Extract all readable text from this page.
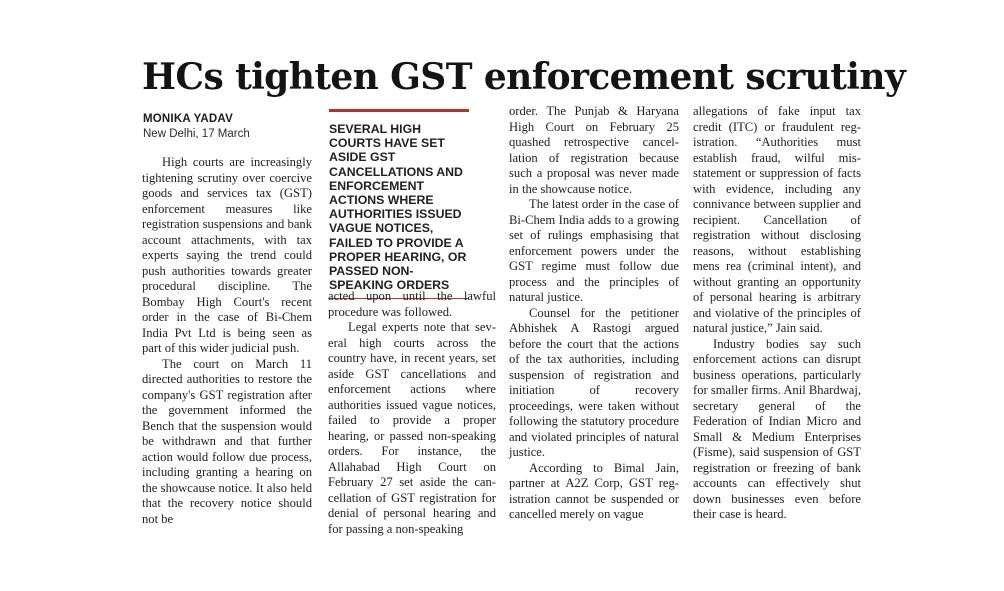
HCs tighten GST enforcement scrutiny
MONIKA YADAV
New Delhi, 17 March

High courts are increasingly tightening scrutiny over coercive goods and services tax (GST) enforcement measures like registration suspensions and bank account attachments, with tax experts saying the trend could push authorities towards greater procedural discipline. The Bombay High Court's recent order in the case of Bi-Chem India Pvt Ltd is being seen as part of this wider judicial push.

The court on March 11 directed authorities to restore the company's GST registration after the government informed the Bench that the suspension would be withdrawn and that further action would follow due process, including granting a hearing on the showcause notice. It also held that the recovery notice should not be

SEVERAL HIGH COURTS HAVE SET ASIDE GST CANCELLATIONS AND ENFORCEMENT ACTIONS WHERE AUTHORITIES ISSUED VAGUE NOTICES, FAILED TO PROVIDE A PROPER HEARING, OR PASSED NON-SPEAKING ORDERS

acted upon until the lawful procedure was followed.

Legal experts note that several high courts across the country have, in recent years, set aside GST cancellations and enforcement actions where authorities issued vague notices, failed to provide a proper hearing, or passed non-speaking orders. For instance, the Allahabad High Court on February 27 set aside the cancellation of GST registration for denial of personal hearing and for passing a non-speaking

order. The Punjab & Haryana High Court on February 25 quashed retrospective cancellation of registration because such a proposal was never made in the showcause notice.

The latest order in the case of Bi-Chem India adds to a growing set of rulings emphasising that enforcement powers under the GST regime must follow due process and the principles of natural justice.

Counsel for the petitioner Abhishek A Rastogi argued before the court that the actions of the tax authorities, including suspension of registration and initiation of recovery proceedings, were taken without following the statutory procedure and violated principles of natural justice.

According to Bimal Jain, partner at A2Z Corp, GST registration cannot be suspended or cancelled merely on vague

allegations of fake input tax credit (ITC) or fraudulent registration. “Authorities must establish fraud, wilful misstatement or suppression of facts with evidence, including any connivance between supplier and recipient. Cancellation of registration without disclosing reasons, without establishing mens rea (criminal intent), and without granting an opportunity of personal hearing is arbitrary and violative of the principles of natural justice,” Jain said.

Industry bodies say such enforcement actions can disrupt business operations, particularly for smaller firms. Anil Bhardwaj, secretary general of the Federation of Indian Micro and Small & Medium Enterprises (Fisme), said suspension of GST registration or freezing of bank accounts can effectively shut down businesses even before their case is heard.
